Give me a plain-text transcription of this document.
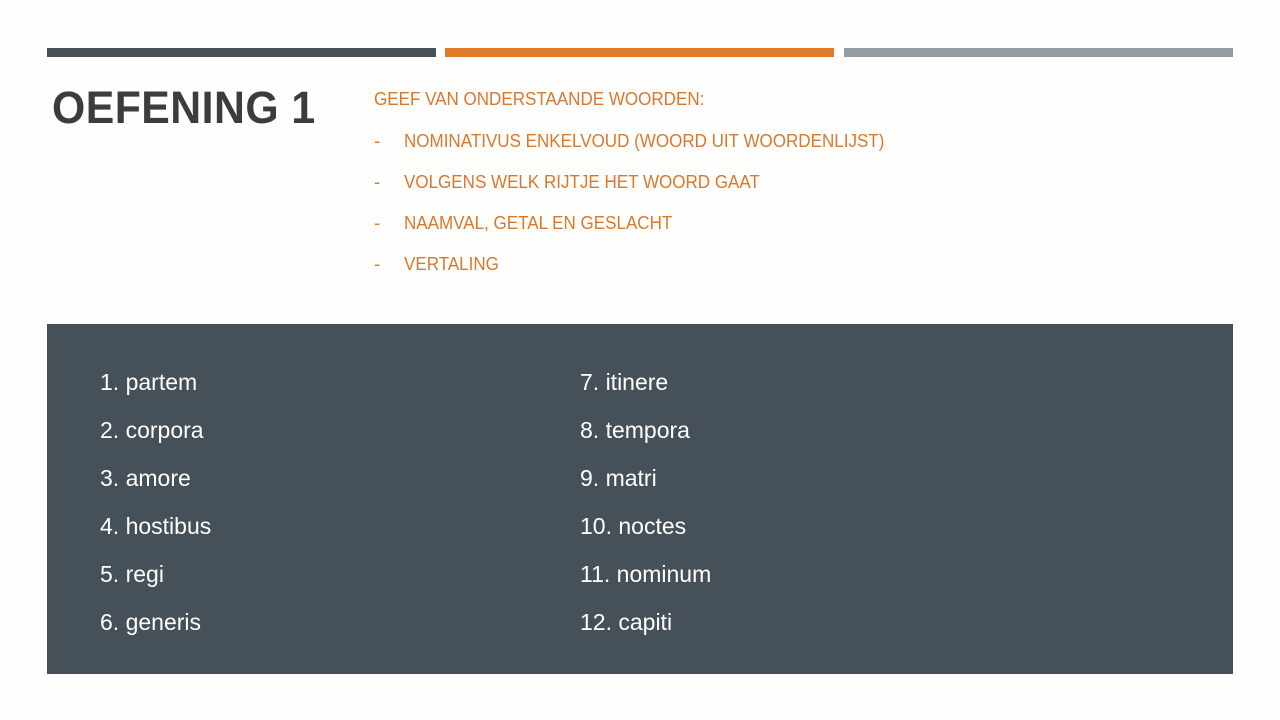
OEFENING 1	GEEF VAN ONDERSTAANDE WOORDEN:
- NOMINATIVUS ENKELVOUD (WOORD UIT WOORDENLIJST)
- VOLGENS WELK RIJTJE HET WOORD GAAT
- NAAMVAL, GETAL EN GESLACHT
- VERTALING
1. partem
2. corpora
3. amore
4. hostibus
5. regi
6. generis
7. itinere
8. tempora
9. matri
10. noctes
11. nominum
12. capiti
